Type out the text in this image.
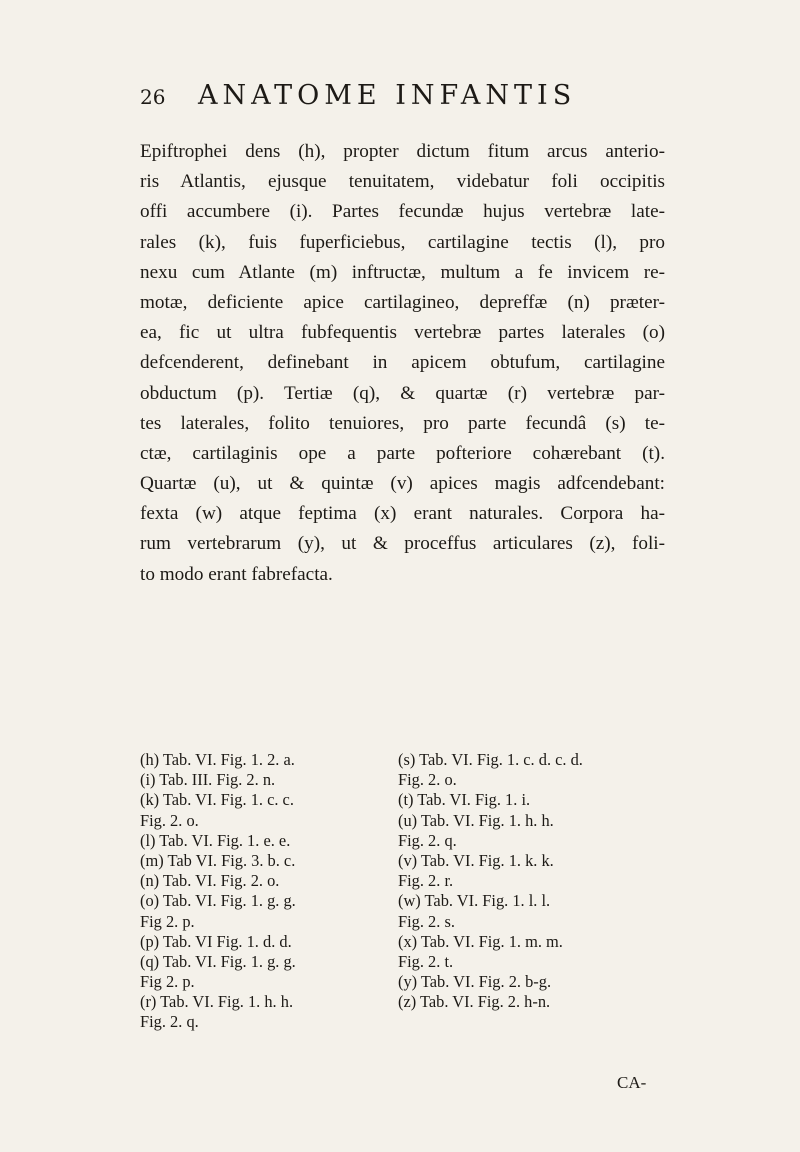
26	ANATOME INFANTIS
Epiftrophei dens (h), propter dictum fitum arcus anterio-
ris Atlantis, ejusque tenuitatem, videbatur foli occipitis
offi accumbere (i). Partes fecundæ hujus vertebræ late-
rales (k), fuis fuperficiebus, cartilagine tectis (l), pro
nexu cum Atlante (m) inftructæ, multum a fe invicem re-
motæ, deficiente apice cartilagineo, depreffæ (n) præter-
ea, fic ut ultra fubfequentis vertebræ partes laterales (o)
defcenderent, definebant in apicem obtufum, cartilagine
obductum (p). Tertiæ (q), & quartæ (r) vertebræ par-
tes laterales, folito tenuiores, pro parte fecundâ (s) te-
ctæ, cartilaginis ope a parte pofteriore cohærebant (t).
Quartæ (u), ut & quintæ (v) apices magis adfcendebant:
fexta (w) atque feptima (x) erant naturales. Corpora ha-
rum vertebrarum (y), ut & proceffus articulares (z), foli-
to modo erant fabrefacta.
(h) Tab. VI. Fig. 1. 2. a.
(i) Tab. III. Fig. 2. n.
(k) Tab. VI. Fig. 1. c. c.
Fig. 2. o.
(l) Tab. VI. Fig. 1. e. e.
(m) Tab VI. Fig. 3. b. c.
(n) Tab. VI. Fig. 2. o.
(o) Tab. VI. Fig. 1. g. g.
Fig 2. p.
(p) Tab. VI Fig. 1. d. d.
(q) Tab. VI. Fig. 1. g. g.
Fig 2. p.
(r) Tab. VI. Fig. 1. h. h.
Fig. 2. q.
(s) Tab. VI. Fig. 1. c. d. c. d.
Fig. 2. o.
(t) Tab. VI. Fig. 1. i.
(u) Tab. VI. Fig. 1. h. h.
Fig. 2. q.
(v) Tab. VI. Fig. 1. k. k.
Fig. 2. r.
(w) Tab. VI. Fig. 1. l. l.
Fig. 2. s.
(x) Tab. VI. Fig. 1. m. m.
Fig. 2. t.
(y) Tab. VI. Fig. 2. b-g.
(z) Tab. VI. Fig. 2. h-n.
CA-
